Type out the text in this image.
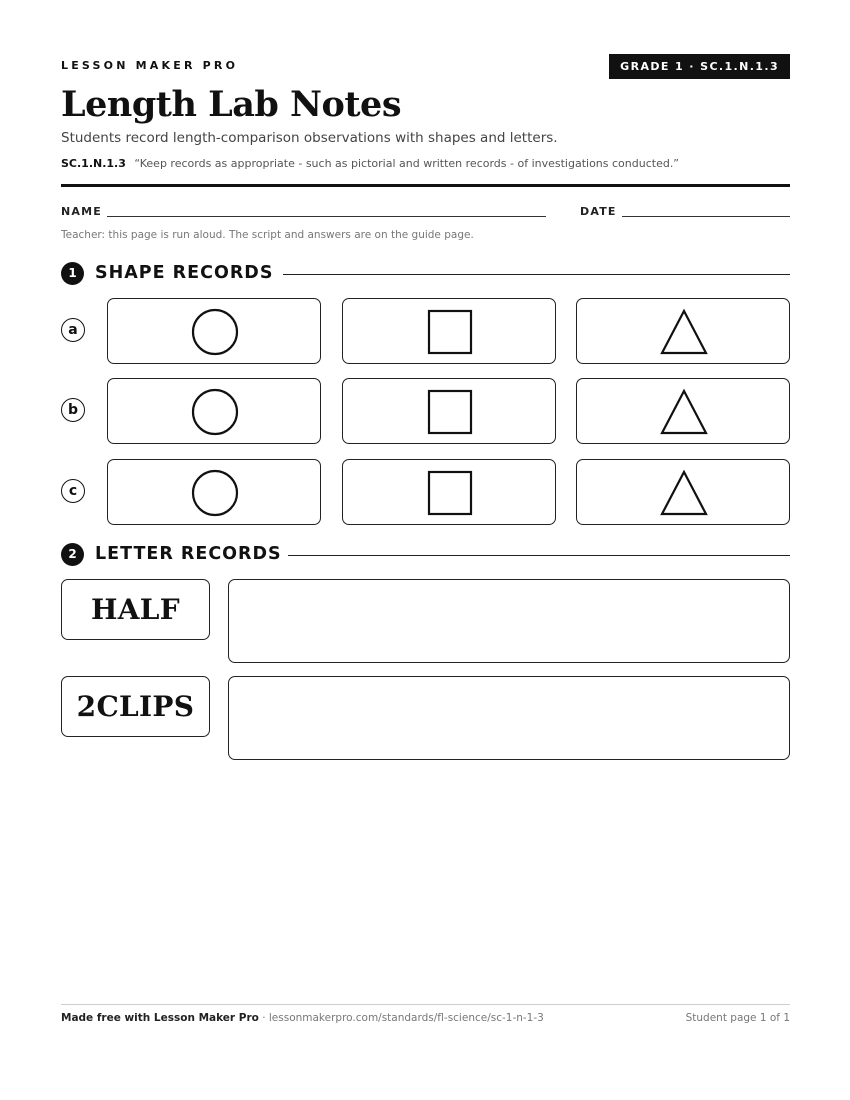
LESSON MAKER PRO	GRADE 1 · SC.1.N.1.3
Length Lab Notes
Students record length-comparison observations with shapes and letters.
SC.1.N.1.3 “Keep records as appropriate - such as pictorial and written records - of investigations conducted.”
NAME	DATE
Teacher: this page is run aloud. The script and answers are on the guide page.
1	SHAPE RECORDS
a
b
c
2	LETTER RECORDS
HALF
2CLIPS
Made free with Lesson Maker Pro · lessonmakerpro.com/standards/fl-science/sc-1-n-1-3	Student page 1 of 1
